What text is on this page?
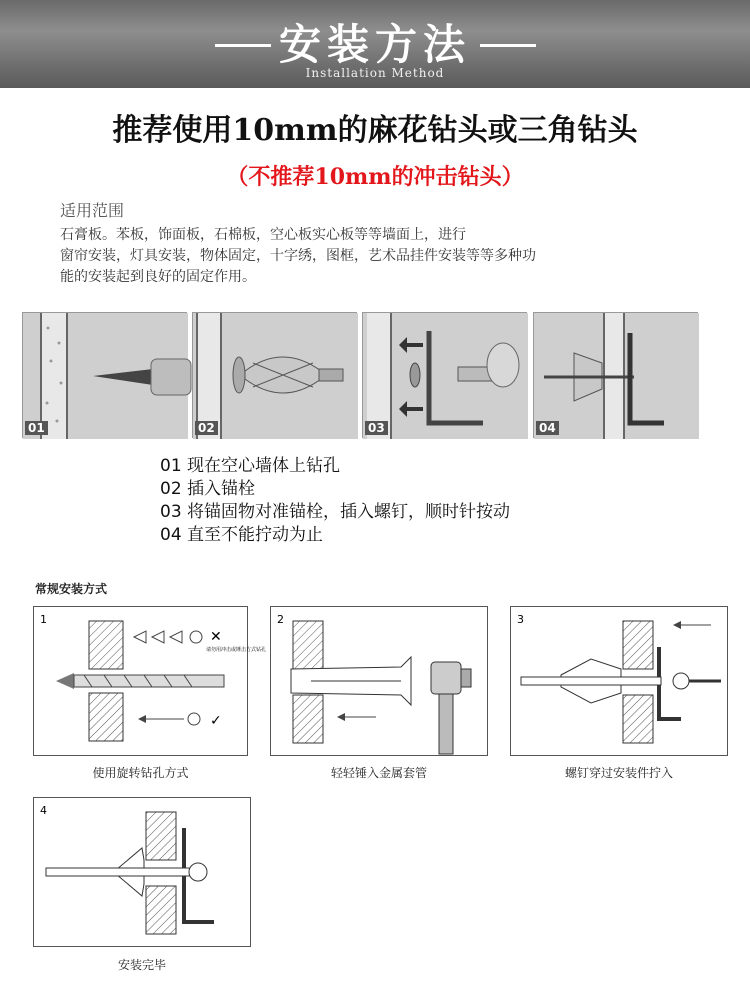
安装方法
Installation Method
推荐使用10mm的麻花钻头或三角钻头
（不推荐10mm的冲击钻头）
适用范围
石膏板。苯板，饰面板，石棉板，空心板实心板等等墙面上，进行
窗帘安装，灯具安装，物体固定，十字绣，图框，艺术品挂件安装等等多种功
能的安装起到良好的固定作用。
01	02	03	04
01 现在空心墙体上钻孔
02 插入锚栓
03 将锚固物对准锚栓，插入螺钉，顺时针按动
04 直至不能拧动为止
常规安装方式
1
✕
请勿用冲击或锤击方式钻孔
✓
使用旋转钻孔方式
2
轻轻锤入金属套管
3
螺钉穿过安装件拧入
4
安装完毕
